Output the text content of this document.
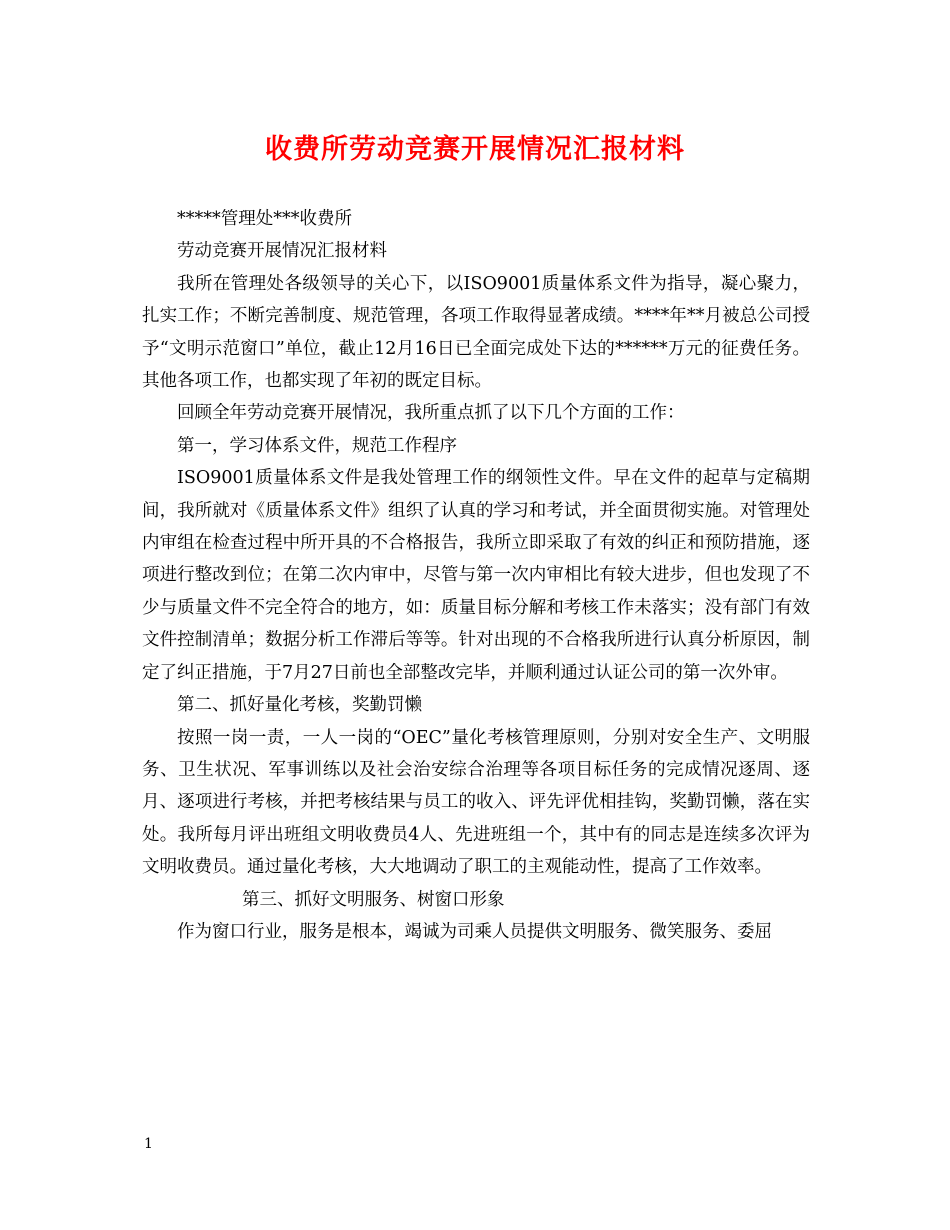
收费所劳动竞赛开展情况汇报材料

*****管理处***收费所

劳动竞赛开展情况汇报材料

我所在管理处各级领导的关心下，以ISO9001质量体系文件为指导，凝心聚力，扎实工作；不断完善制度、规范管理，各项工作取得显著成绩。****年**月被总公司授予“文明示范窗口”单位，截止12月16日已全面完成处下达的******万元的征费任务。其他各项工作，也都实现了年初的既定目标。

回顾全年劳动竞赛开展情况，我所重点抓了以下几个方面的工作：

第一，学习体系文件，规范工作程序

ISO9001质量体系文件是我处管理工作的纲领性文件。早在文件的起草与定稿期间，我所就对《质量体系文件》组织了认真的学习和考试，并全面贯彻实施。对管理处内审组在检查过程中所开具的不合格报告，我所立即采取了有效的纠正和预防措施，逐项进行整改到位；在第二次内审中，尽管与第一次内审相比有较大进步，但也发现了不少与质量文件不完全符合的地方，如：质量目标分解和考核工作未落实；没有部门有效文件控制清单；数据分析工作滞后等等。针对出现的不合格我所进行认真分析原因，制定了纠正措施，于7月27日前也全部整改完毕，并顺利通过认证公司的第一次外审。

第二、抓好量化考核，奖勤罚懒

按照一岗一责，一人一岗的“OEC”量化考核管理原则，分别对安全生产、文明服务、卫生状况、军事训练以及社会治安综合治理等各项目标任务的完成情况逐周、逐月、逐项进行考核，并把考核结果与员工的收入、评先评优相挂钩，奖勤罚懒，落在实处。我所每月评出班组文明收费员4人、先进班组一个，其中有的同志是连续多次评为文明收费员。通过量化考核，大大地调动了职工的主观能动性，提高了工作效率。

第三、抓好文明服务、树窗口形象

作为窗口行业，服务是根本，竭诚为司乘人员提供文明服务、微笑服务、委屈

1
